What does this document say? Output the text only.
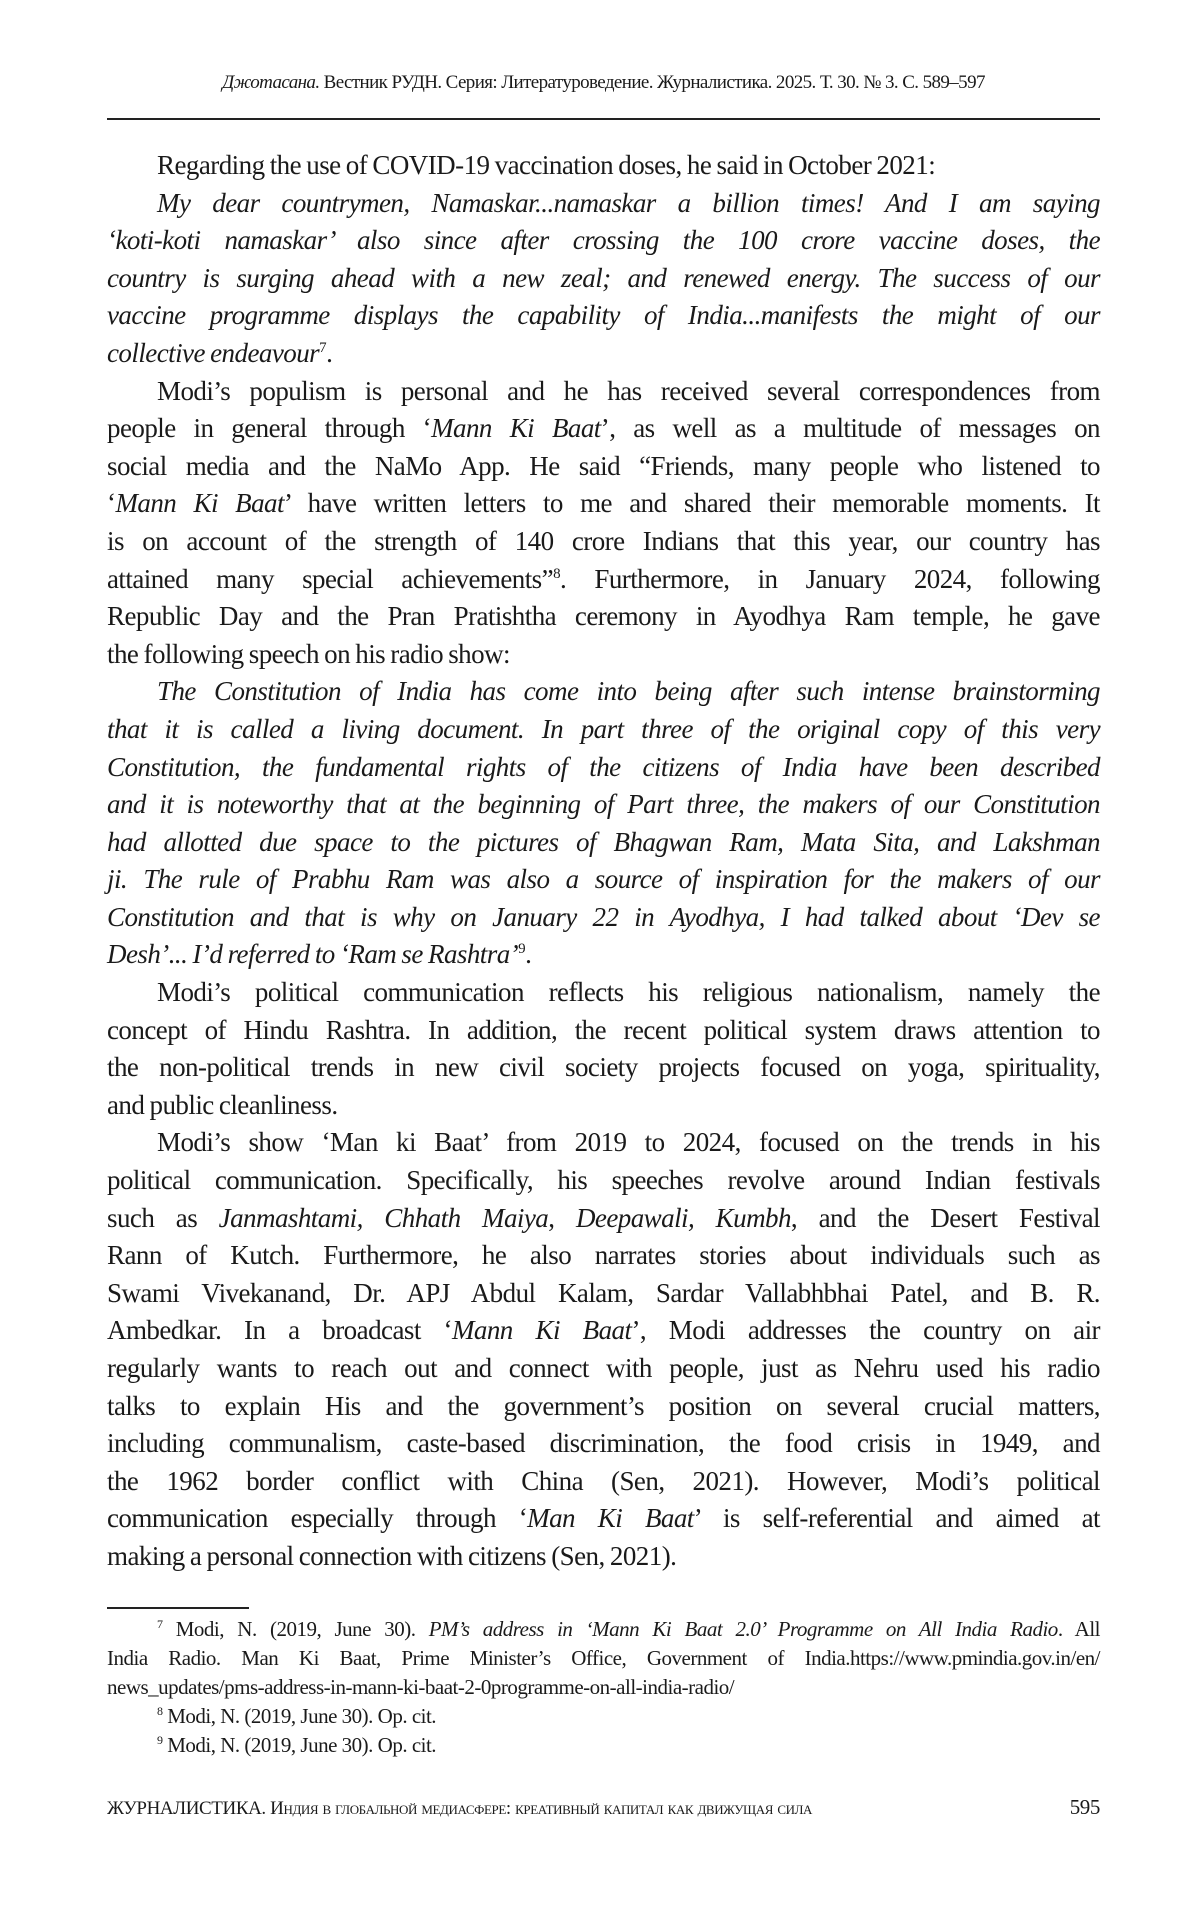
Джотасана. Вестник РУДН. Серия: Литературоведение. Журналистика. 2025. Т. 30. № 3. С. 589–597
Regarding the use of COVID-19 vaccination doses, he said in October 2021:
My dear countrymen, Namaskar...namaskar a billion times! And I am saying
‘koti-koti namaskar’ also since after crossing the 100 crore vaccine doses, the
country is surging ahead with a new zeal; and renewed energy. The success of our
vaccine programme displays the capability of India...manifests the might of our
collective endeavour$^7$.
Modi’s populism is personal and he has received several correspondences from
people in general through ‘Mann Ki Baat’, as well as a multitude of messages on
social media and the NaMo App. He said “Friends, many people who listened to
‘Mann Ki Baat’ have written letters to me and shared their memorable moments. It
is on account of the strength of 140 crore Indians that this year, our country has
attained many special achievements”$^8$. Furthermore, in January 2024, following
Republic Day and the Pran Pratishtha ceremony in Ayodhya Ram temple, he gave
the following speech on his radio show:
The Constitution of India has come into being after such intense brainstorming
that it is called a living document. In part three of the original copy of this very
Constitution, the fundamental rights of the citizens of India have been described
and it is noteworthy that at the beginning of Part three, the makers of our Constitution
had allotted due space to the pictures of Bhagwan Ram, Mata Sita, and Lakshman
ji. The rule of Prabhu Ram was also a source of inspiration for the makers of our
Constitution and that is why on January 22 in Ayodhya, I had talked about ‘Dev se
Desh’... I’d referred to ‘Ram se Rashtra’$^9$.
Modi’s political communication reflects his religious nationalism, namely the
concept of Hindu Rashtra. In addition, the recent political system draws attention to
the non-political trends in new civil society projects focused on yoga, spirituality,
and public cleanliness.
Modi’s show ‘Man ki Baat’ from 2019 to 2024, focused on the trends in his
political communication. Specifically, his speeches revolve around Indian festivals
such as Janmashtami, Chhath Maiya, Deepawali, Kumbh, and the Desert Festival
Rann of Kutch. Furthermore, he also narrates stories about individuals such as
Swami Vivekanand, Dr. APJ Abdul Kalam, Sardar Vallabhbhai Patel, and B. R.
Ambedkar. In a broadcast ‘Mann Ki Baat’, Modi addresses the country on air
regularly wants to reach out and connect with people, just as Nehru used his radio
talks to explain His and the government’s position on several crucial matters,
including communalism, caste-based discrimination, the food crisis in 1949, and
the 1962 border conflict with China (Sen, 2021). However, Modi’s political
communication especially through ‘Man Ki Baat’ is self-referential and aimed at
making a personal connection with citizens (Sen, 2021).
$^7$ Modi, N. (2019, June 30). PM’s address in ‘Mann Ki Baat 2.0’ Programme on All India Radio. All
India Radio. Man Ki Baat, Prime Minister’s Office, Government of India.https://www.pmindia.gov.in/en/
news_updates/pms-address-in-mann-ki-baat-2-0programme-on-all-india-radio/
$^8$ Modi, N. (2019, June 30). Op. cit.
$^9$ Modi, N. (2019, June 30). Op. cit.
ЖУРНАЛИСТИКА. Индия в глобальной медиасфере: креативный капитал как движущая сила	595
